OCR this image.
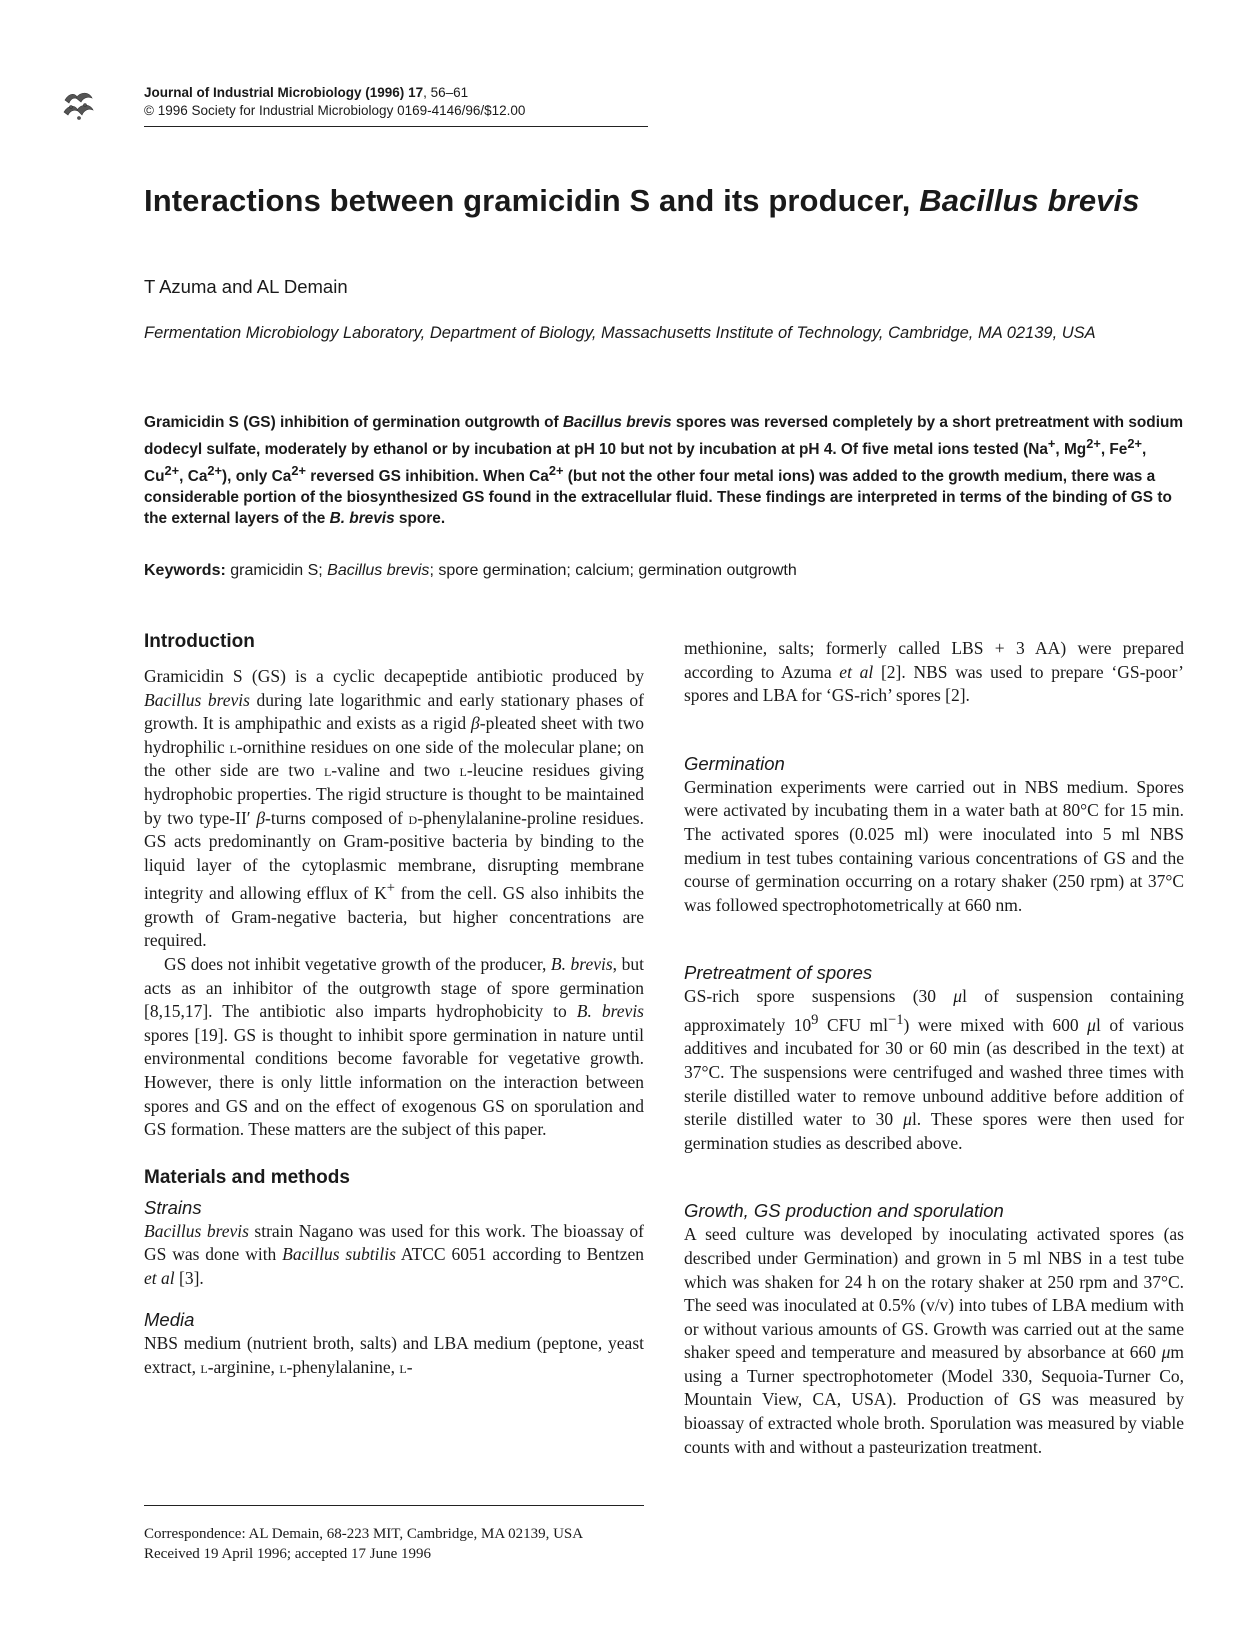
Journal of Industrial Microbiology (1996) 17, 56–61
© 1996 Society for Industrial Microbiology 0169-4146/96/$12.00
Interactions between gramicidin S and its producer, Bacillus brevis

T Azuma and AL Demain

Fermentation Microbiology Laboratory, Department of Biology, Massachusetts Institute of Technology, Cambridge, MA 02139, USA

Gramicidin S (GS) inhibition of germination outgrowth of Bacillus brevis spores was reversed completely by a short pretreatment with sodium dodecyl sulfate, moderately by ethanol or by incubation at pH 10 but not by incubation at pH 4. Of five metal ions tested (Na+, $Mg^{2+}$, $Fe^{2+}$, $Cu^{2+}$, $Ca^{2+}$), only $Ca^{2+}$ reversed GS inhibition. When $Ca^{2+}$ (but not the other four metal ions) was added to the growth medium, there was a considerable portion of the biosynthesized GS found in the extracellular fluid. These findings are interpreted in terms of the binding of GS to the external layers of the B. brevis spore.

Keywords: gramicidin S; Bacillus brevis; spore germination; calcium; germination outgrowth

Introduction

Gramicidin S (GS) is a cyclic decapeptide antibiotic produced by Bacillus brevis during late logarithmic and early stationary phases of growth. It is amphipathic and exists as a rigid β-pleated sheet with two hydrophilic l-ornithine residues on one side of the molecular plane; on the other side are two l-valine and two l-leucine residues giving hydrophobic properties. The rigid structure is thought to be maintained by two type-II′ β-turns composed of d-phenylalanine-proline residues. GS acts predominantly on Gram-positive bacteria by binding to the liquid layer of the cytoplasmic membrane, disrupting membrane integrity and allowing efflux of K+ from the cell. GS also inhibits the growth of Gram-negative bacteria, but higher concentrations are required.

GS does not inhibit vegetative growth of the producer, B. brevis, but acts as an inhibitor of the outgrowth stage of spore germination [8,15,17]. The antibiotic also imparts hydrophobicity to B. brevis spores [19]. GS is thought to inhibit spore germination in nature until environmental conditions become favorable for vegetative growth. However, there is only little information on the interaction between spores and GS and on the effect of exogenous GS on sporulation and GS formation. These matters are the subject of this paper.

Materials and methods
Strains

Bacillus brevis strain Nagano was used for this work. The bioassay of GS was done with Bacillus subtilis ATCC 6051 according to Bentzen et al [3].

Media

NBS medium (nutrient broth, salts) and LBA medium (peptone, yeast extract, l-arginine, l-phenylalanine, l-

Correspondence: AL Demain, 68-223 MIT, Cambridge, MA 02139, USA
Received 19 April 1996; accepted 17 June 1996

methionine, salts; formerly called LBS + 3 AA) were prepared according to Azuma et al [2]. NBS was used to prepare ‘GS-poor’ spores and LBA for ‘GS-rich’ spores [2].

Germination

Germination experiments were carried out in NBS medium. Spores were activated by incubating them in a water bath at 80°C for 15 min. The activated spores (0.025 ml) were inoculated into 5 ml NBS medium in test tubes containing various concentrations of GS and the course of germination occurring on a rotary shaker (250 rpm) at 37°C was followed spectrophotometrically at 660 nm.

Pretreatment of spores

GS-rich spore suspensions (30 μl of suspension containing approximately $10^9$ CFU $ml^{-1}$) were mixed with 600 μl of various additives and incubated for 30 or 60 min (as described in the text) at 37°C. The suspensions were centrifuged and washed three times with sterile distilled water to remove unbound additive before addition of sterile distilled water to 30 μl. These spores were then used for germination studies as described above.

Growth, GS production and sporulation

A seed culture was developed by inoculating activated spores (as described under Germination) and grown in 5 ml NBS in a test tube which was shaken for 24 h on the rotary shaker at 250 rpm and 37°C. The seed was inoculated at 0.5% (v/v) into tubes of LBA medium with or without various amounts of GS. Growth was carried out at the same shaker speed and temperature and measured by absorbance at 660 μm using a Turner spectrophotometer (Model 330, Sequoia-Turner Co, Mountain View, CA, USA). Production of GS was measured by bioassay of extracted whole broth. Sporulation was measured by viable counts with and without a pasteurization treatment.
